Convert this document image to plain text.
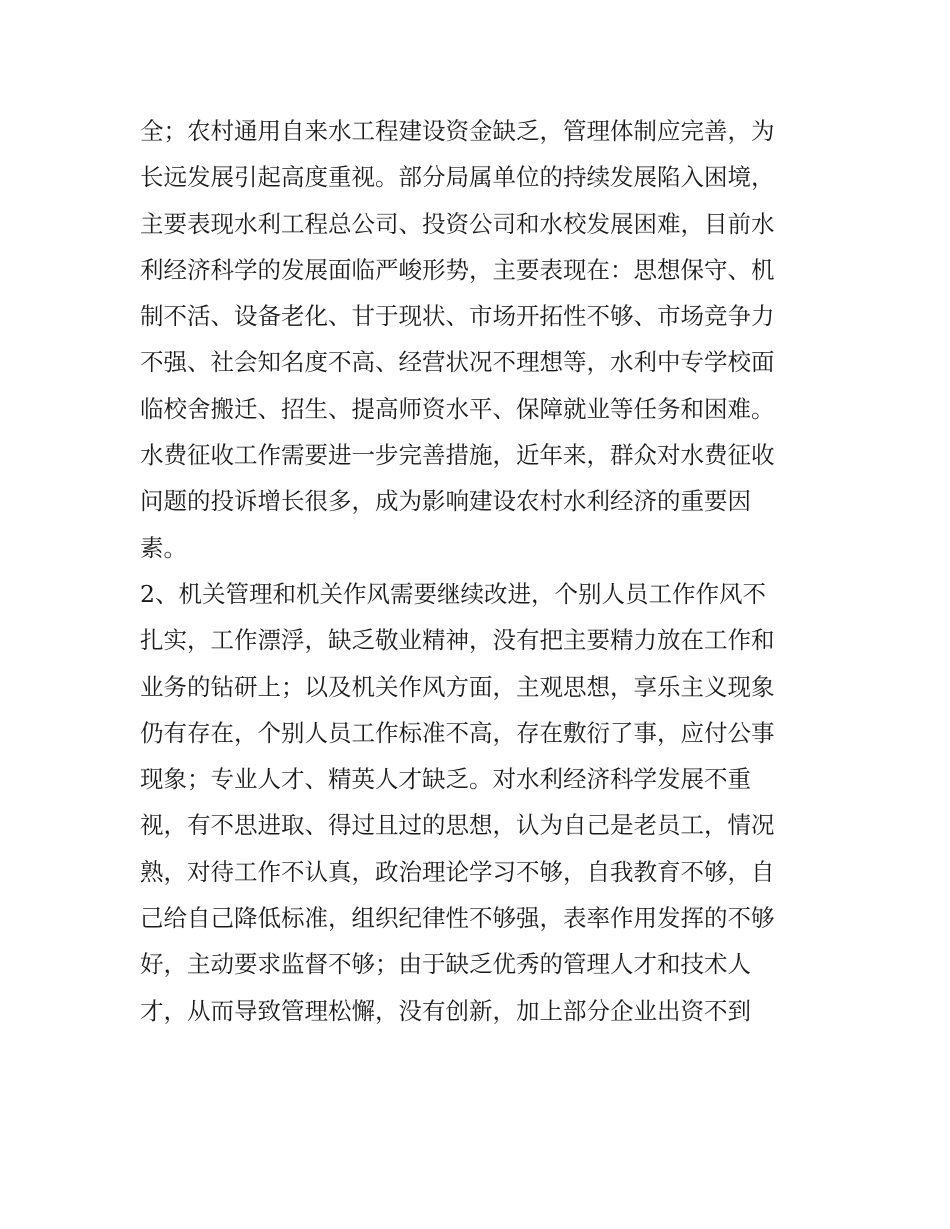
全；农村通用自来水工程建设资金缺乏，管理体制应完善，为
长远发展引起高度重视。部分局属单位的持续发展陷入困境，
主要表现水利工程总公司、投资公司和水校发展困难，目前水
利经济科学的发展面临严峻形势，主要表现在：思想保守、机
制不活、设备老化、甘于现状、市场开拓性不够、市场竞争力
不强、社会知名度不高、经营状况不理想等，水利中专学校面
临校舍搬迁、招生、提高师资水平、保障就业等任务和困难。
水费征收工作需要进一步完善措施，近年来，群众对水费征收
问题的投诉增长很多，成为影响建设农村水利经济的重要因
素。
2、机关管理和机关作风需要继续改进，个别人员工作作风不
扎实，工作漂浮，缺乏敬业精神，没有把主要精力放在工作和
业务的钻研上；以及机关作风方面，主观思想，享乐主义现象
仍有存在，个别人员工作标准不高，存在敷衍了事，应付公事
现象；专业人才、精英人才缺乏。对水利经济科学发展不重
视，有不思进取、得过且过的思想，认为自己是老员工，情况
熟，对待工作不认真，政治理论学习不够，自我教育不够，自
己给自己降低标准，组织纪律性不够强，表率作用发挥的不够
好，主动要求监督不够；由于缺乏优秀的管理人才和技术人
才，从而导致管理松懈，没有创新，加上部分企业出资不到
